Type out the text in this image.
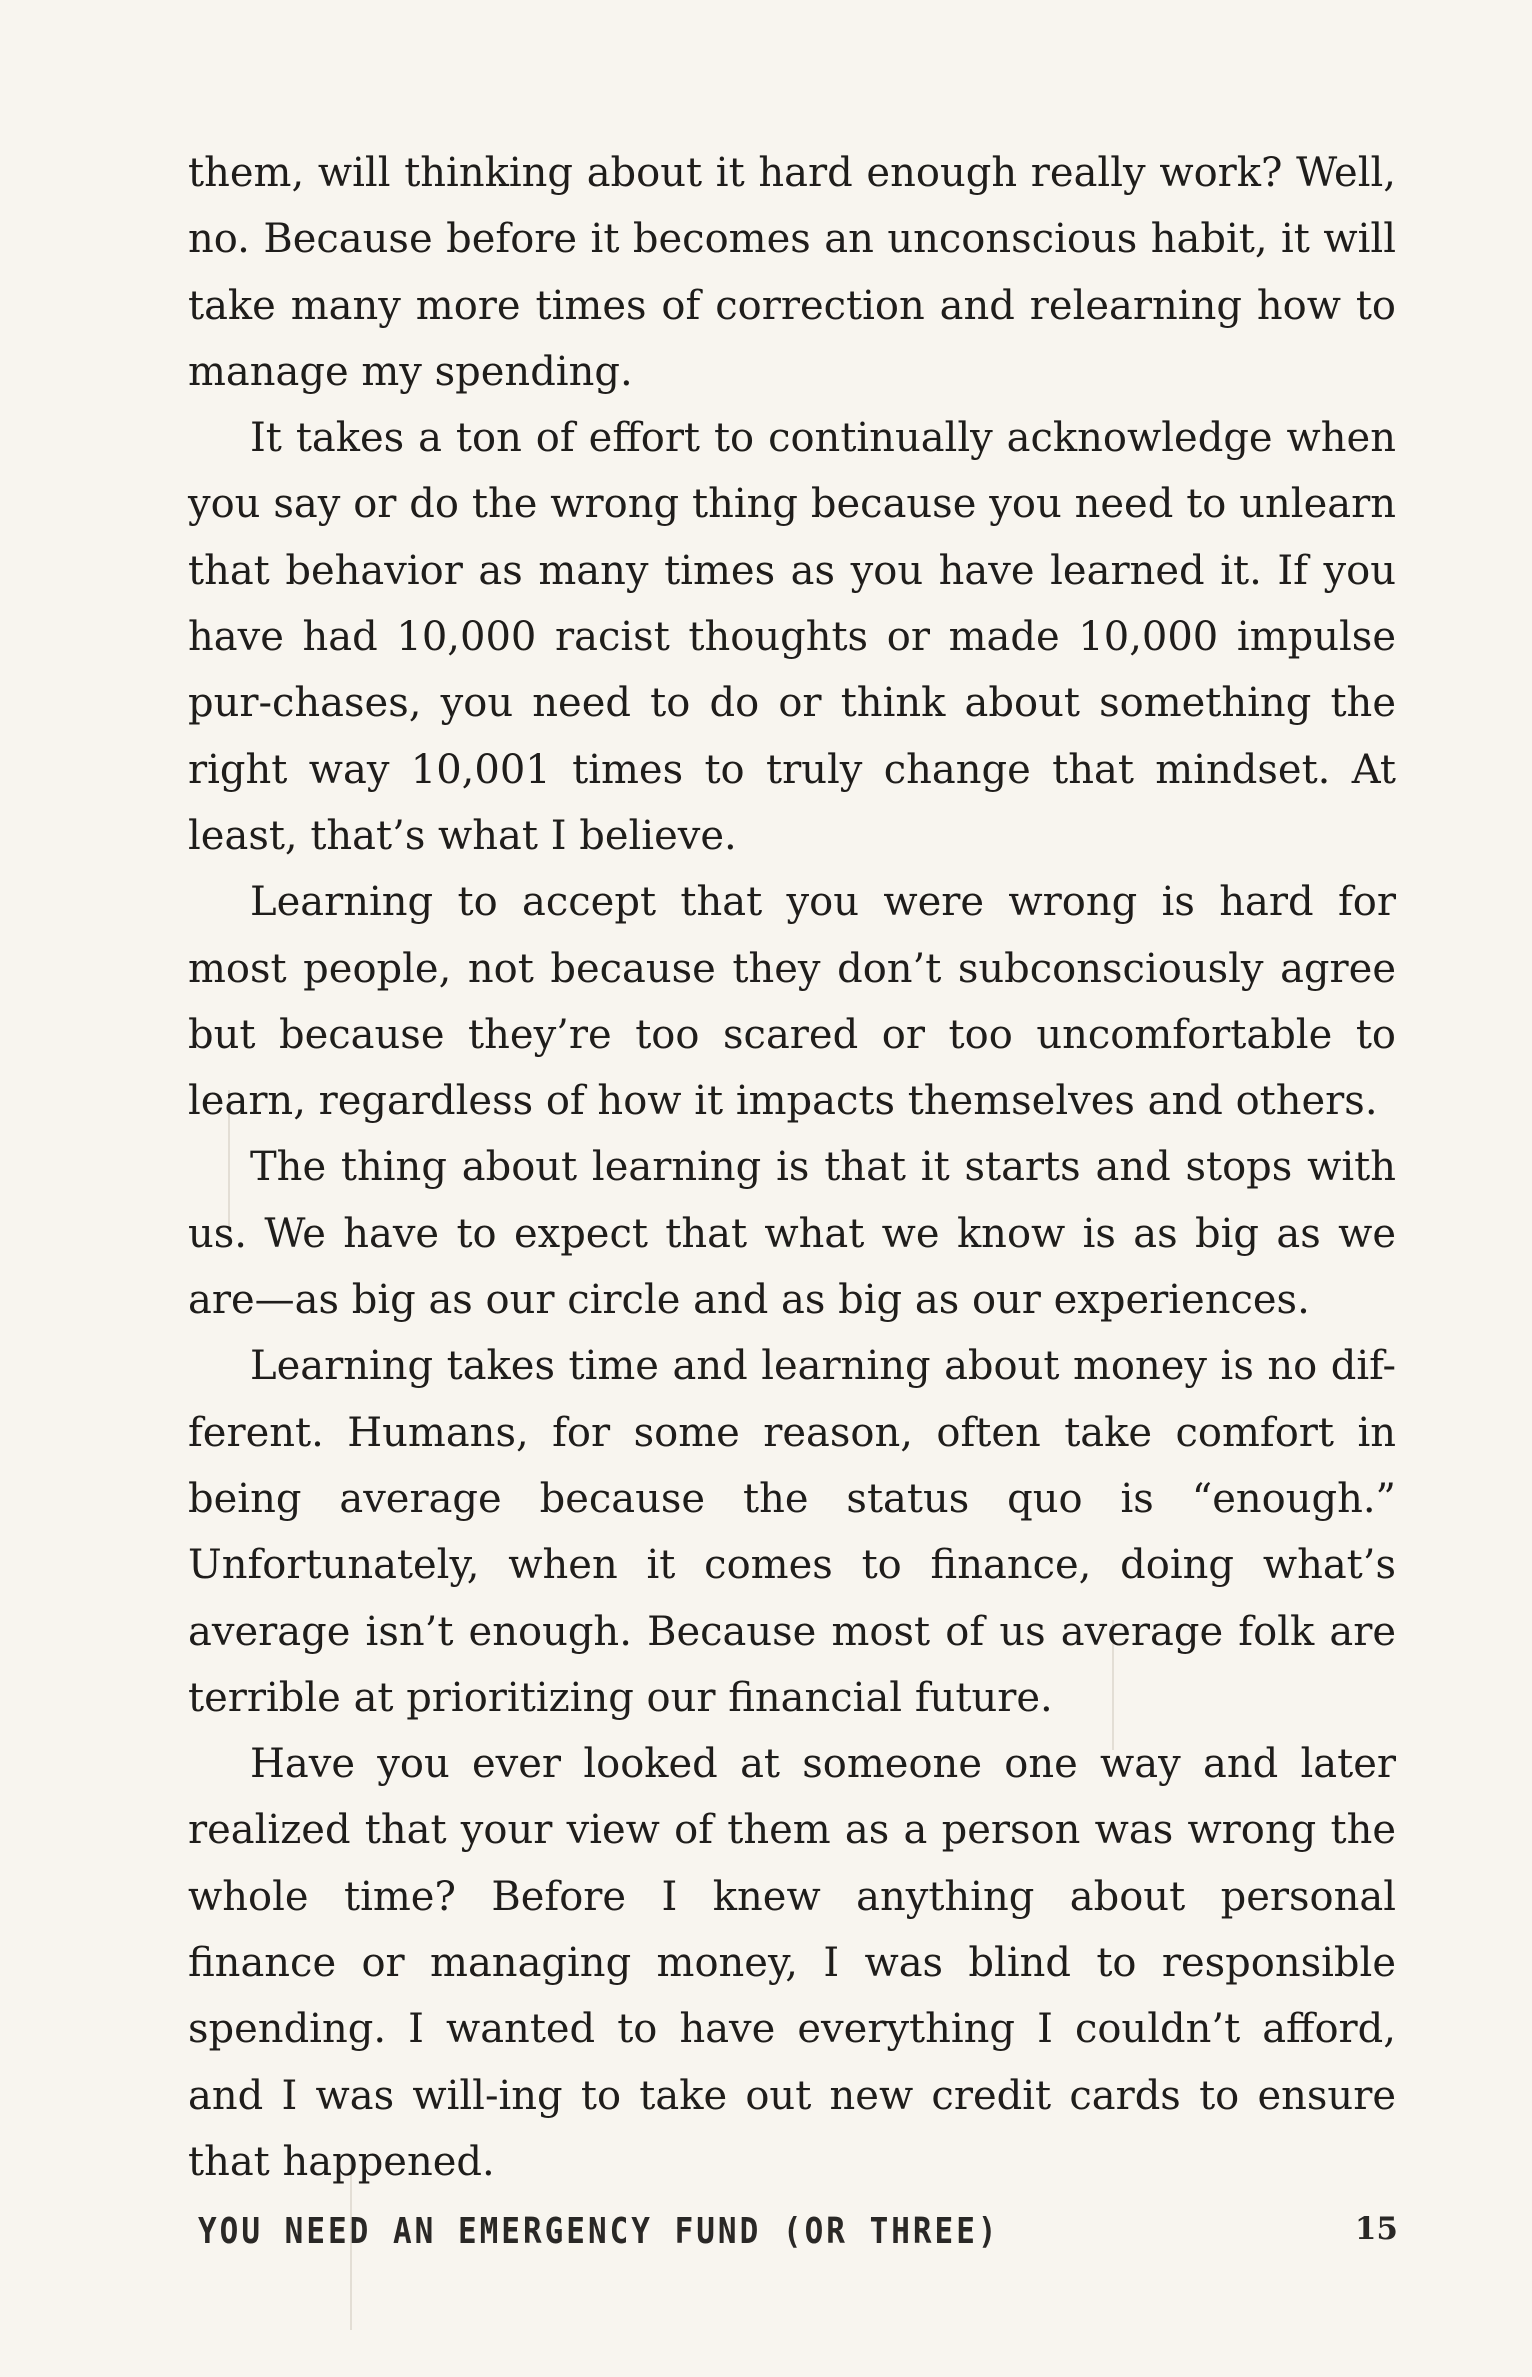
them, will thinking about it hard enough really work? Well, no. Because before it becomes an unconscious habit, it will take many more times of correction and relearning how to manage my spending.

It takes a ton of effort to continually acknowledge when you say or do the wrong thing because you need to unlearn that behavior as many times as you have learned it. If you have had 10,000 racist thoughts or made 10,000 impulse pur-chases, you need to do or think about something the right way 10,001 times to truly change that mindset. At least, that’s what I believe.

Learning to accept that you were wrong is hard for most people, not because they don’t subconsciously agree but because they’re too scared or too uncomfortable to learn, regardless of how it impacts themselves and others.

The thing about learning is that it starts and stops with us. We have to expect that what we know is as big as we are—as big as our circle and as big as our experiences.

Learning takes time and learning about money is no dif-ferent. Humans, for some reason, often take comfort in being average because the status quo is “enough.” Unfortunately, when it comes to finance, doing what’s average isn’t enough. Because most of us average folk are terrible at prioritizing our financial future.

Have you ever looked at someone one way and later realized that your view of them as a person was wrong the whole time? Before I knew anything about personal finance or managing money, I was blind to responsible spending. I wanted to have everything I couldn’t afford, and I was will-ing to take out new credit cards to ensure that happened.

YOU NEED AN EMERGENCY FUND (OR THREE)	15
